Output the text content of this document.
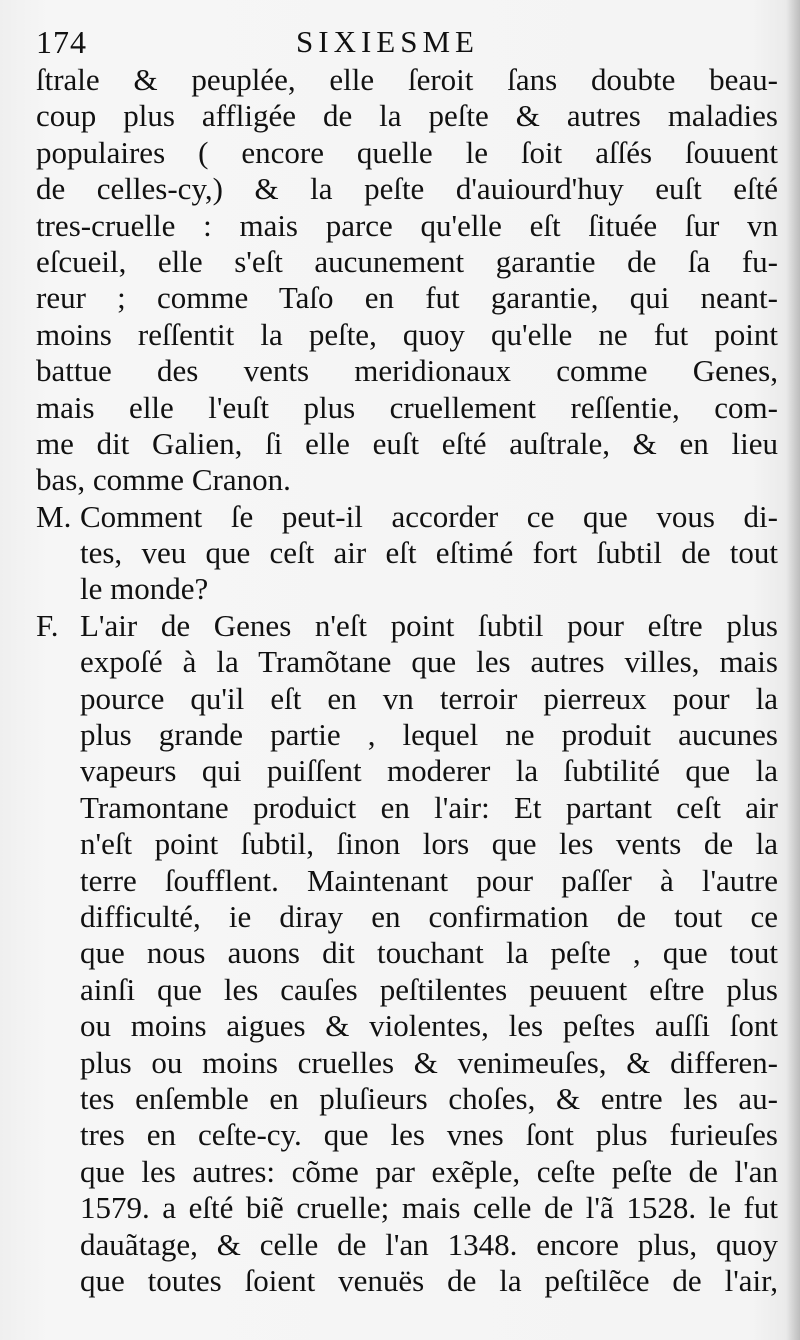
174	SIXIESME
ſtrale & peuplée, elle ſeroit ſans doubte beau-
coup plus affligée de la peſte & autres maladies
populaires ( encore quelle le ſoit aſſés ſouuent
de celles-cy,) & la peſte d'auiourd'huy euſt eſté
tres-cruelle : mais parce qu'elle eſt ſituée ſur vn
eſcueil, elle s'eſt aucunement garantie de ſa fu-
reur ; comme Taſo en fut garantie, qui neant-
moins reſſentit la peſte, quoy qu'elle ne fut point
battue des vents meridionaux comme Genes,
mais elle l'euſt plus cruellement reſſentie, com-
me dit Galien, ſi elle euſt eſté auſtrale, & en lieu
bas, comme Cranon.
M. Comment ſe peut-il accorder ce que vous di-
tes, veu que ceſt air eſt eſtimé fort ſubtil de tout
le monde?
F. L'air de Genes n'eſt point ſubtil pour eſtre plus
expoſé à la Tramõtane que les autres villes, mais
pource qu'il eſt en vn terroir pierreux pour la
plus grande partie , lequel ne produit aucunes
vapeurs qui puiſſent moderer la ſubtilité que la
Tramontane produict en l'air: Et partant ceſt air
n'eſt point ſubtil, ſinon lors que les vents de la
terre ſoufflent. Maintenant pour paſſer à l'autre
difficulté, ie diray en confirmation de tout ce
que nous auons dit touchant la peſte , que tout
ainſi que les cauſes peſtilentes peuuent eſtre plus
ou moins aigues & violentes, les peſtes auſſi ſont
plus ou moins cruelles & venimeuſes, & differen-
tes enſemble en pluſieurs choſes, & entre les au-
tres en ceſte-cy. que les vnes ſont plus furieuſes
que les autres: cõme par exẽple, ceſte peſte de l'an
1579. a eſté biẽ cruelle; mais celle de l'ã 1528. le fut
dauãtage, & celle de l'an 1348. encore plus, quoy
que toutes ſoient venuës de la peſtilẽce de l'air,
